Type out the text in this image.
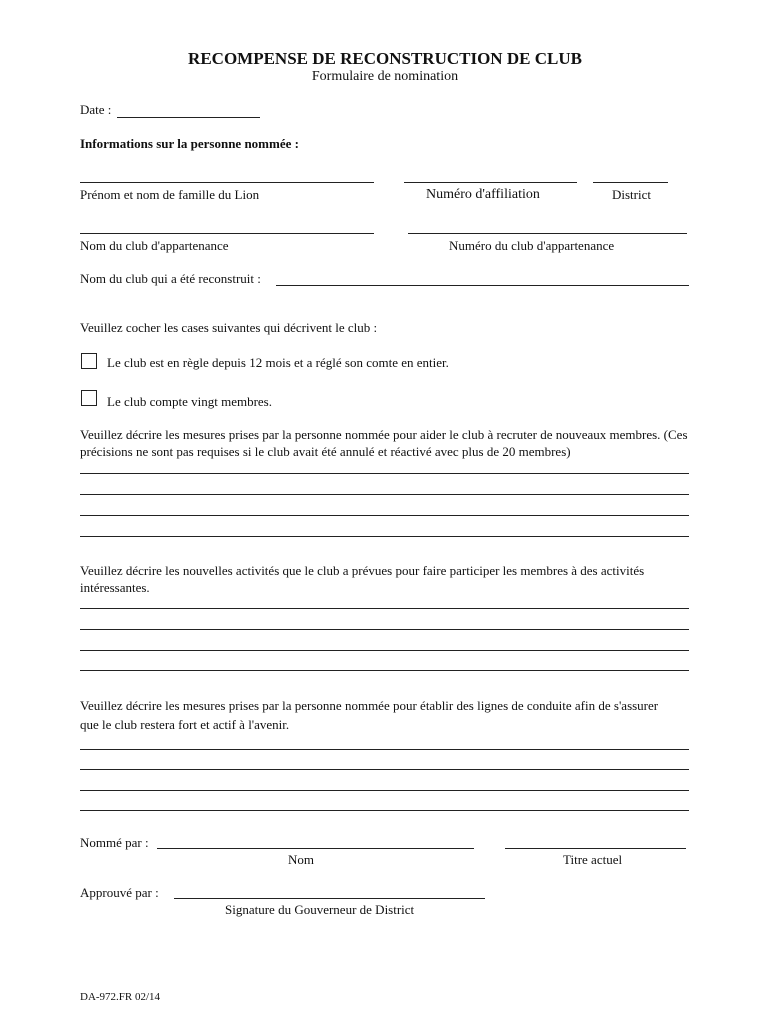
RECOMPENSE DE RECONSTRUCTION DE CLUB
Formulaire de nomination
Date :
Informations sur la personne nommée :
Prénom et nom de famille du Lion	Numéro d'affiliation	District
Nom du club d'appartenance	Numéro du club d'appartenance
Nom du club qui a été reconstruit :
Veuillez cocher les cases suivantes qui décrivent le club :
Le club est en règle depuis 12 mois et a réglé son comte en entier.
Le club compte vingt membres.
Veuillez décrire les mesures prises par la personne nommée pour aider le club à recruter de nouveaux membres. (Ces précisions ne sont pas requises si le club avait été annulé et réactivé avec plus de 20 membres)
Veuillez décrire les nouvelles activités que le club a prévues pour faire participer les membres à des activités intéressantes.
Veuillez décrire les mesures prises par la personne nommée pour établir des lignes de conduite afin de s'assurer que le club restera fort et actif à l'avenir.
Nommé par :
Nom	Titre actuel
Approuvé par :
Signature du Gouverneur de District
DA-972.FR 02/14
